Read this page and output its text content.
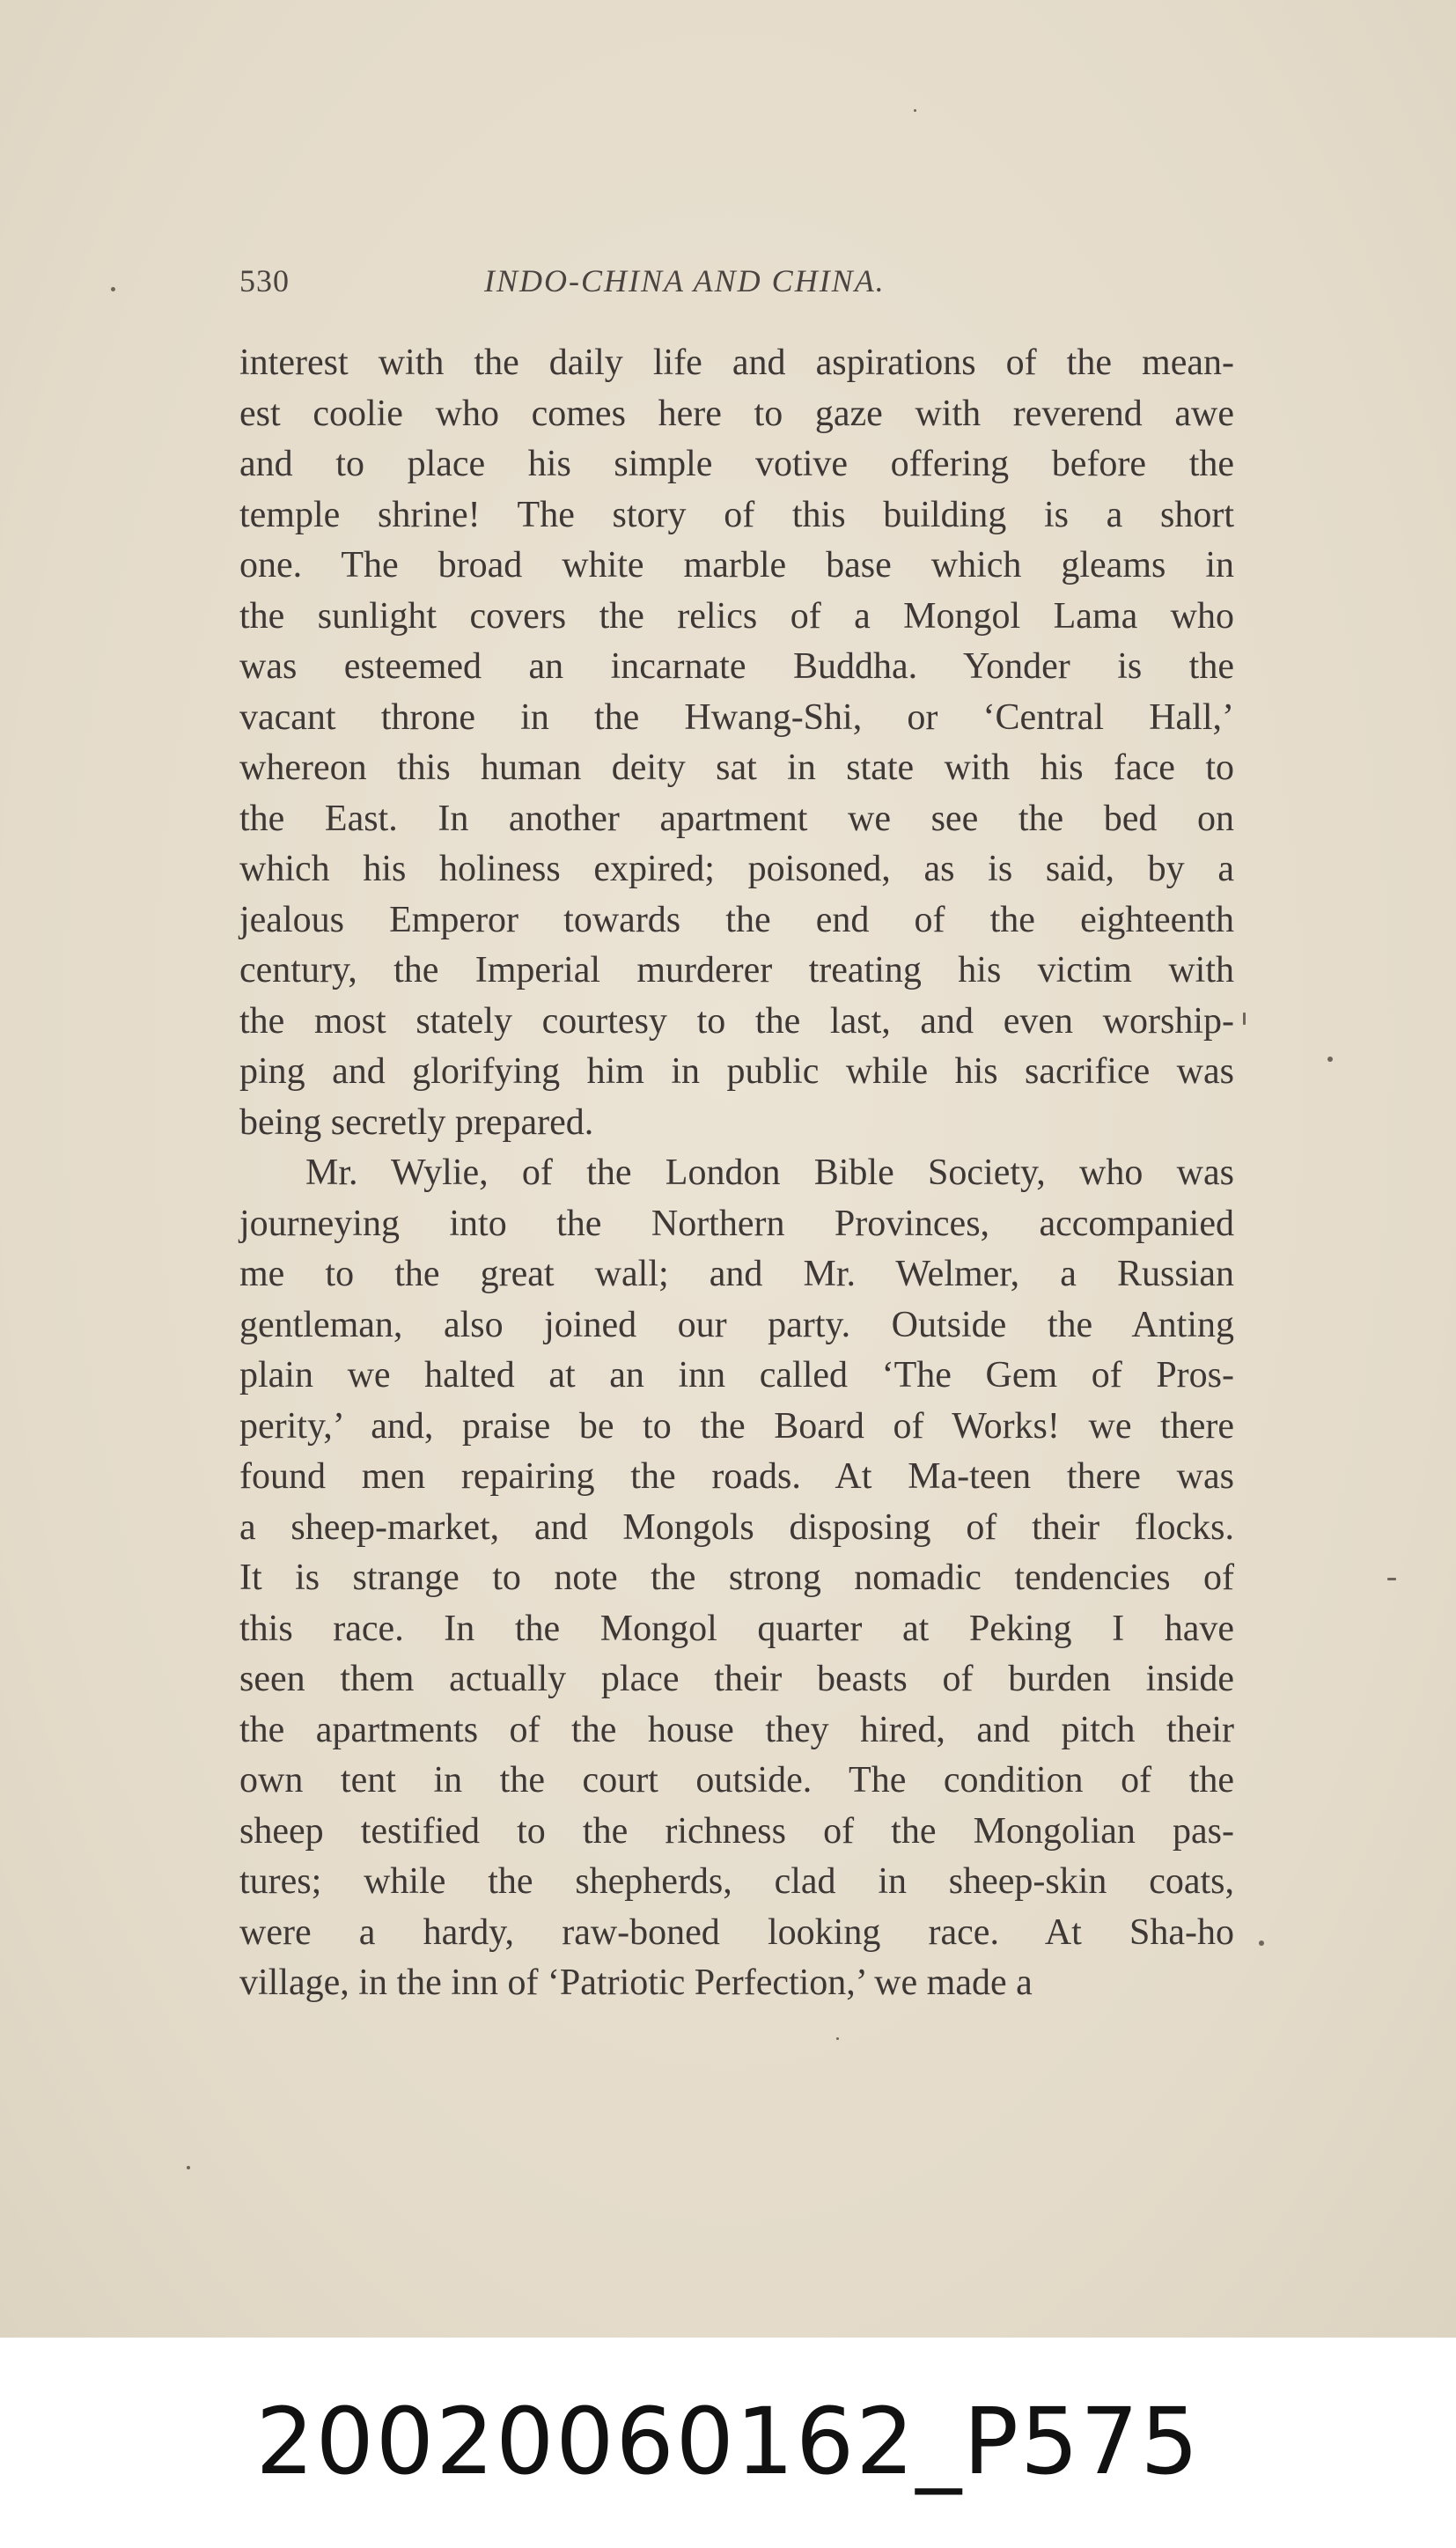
530	INDO-CHINA AND CHINA.
interest with the daily life and aspirations of the mean-
est coolie who comes here to gaze with reverend awe
and to place his simple votive offering before the
temple shrine! The story of this building is a short
one. The broad white marble base which gleams in
the sunlight covers the relics of a Mongol Lama who
was esteemed an incarnate Buddha. Yonder is the
vacant throne in the Hwang-Shi, or ‘Central Hall,’
whereon this human deity sat in state with his face to
the East. In another apartment we see the bed on
which his holiness expired; poisoned, as is said, by a
jealous Emperor towards the end of the eighteenth
century, the Imperial murderer treating his victim with
the most stately courtesy to the last, and even worship-
ping and glorifying him in public while his sacrifice was
being secretly prepared.
Mr. Wylie, of the London Bible Society, who was
journeying into the Northern Provinces, accompanied
me to the great wall; and Mr. Welmer, a Russian
gentleman, also joined our party. Outside the Anting
plain we halted at an inn called ‘The Gem of Pros-
perity,’ and, praise be to the Board of Works! we there
found men repairing the roads. At Ma-teen there was
a sheep-market, and Mongols disposing of their flocks.
It is strange to note the strong nomadic tendencies of
this race. In the Mongol quarter at Peking I have
seen them actually place their beasts of burden inside
the apartments of the house they hired, and pitch their
own tent in the court outside. The condition of the
sheep testified to the richness of the Mongolian pas-
tures; while the shepherds, clad in sheep-skin coats,
were a hardy, raw-boned looking race. At Sha-ho
village, in the inn of ‘Patriotic Perfection,’ we made a
20020060162_P575
